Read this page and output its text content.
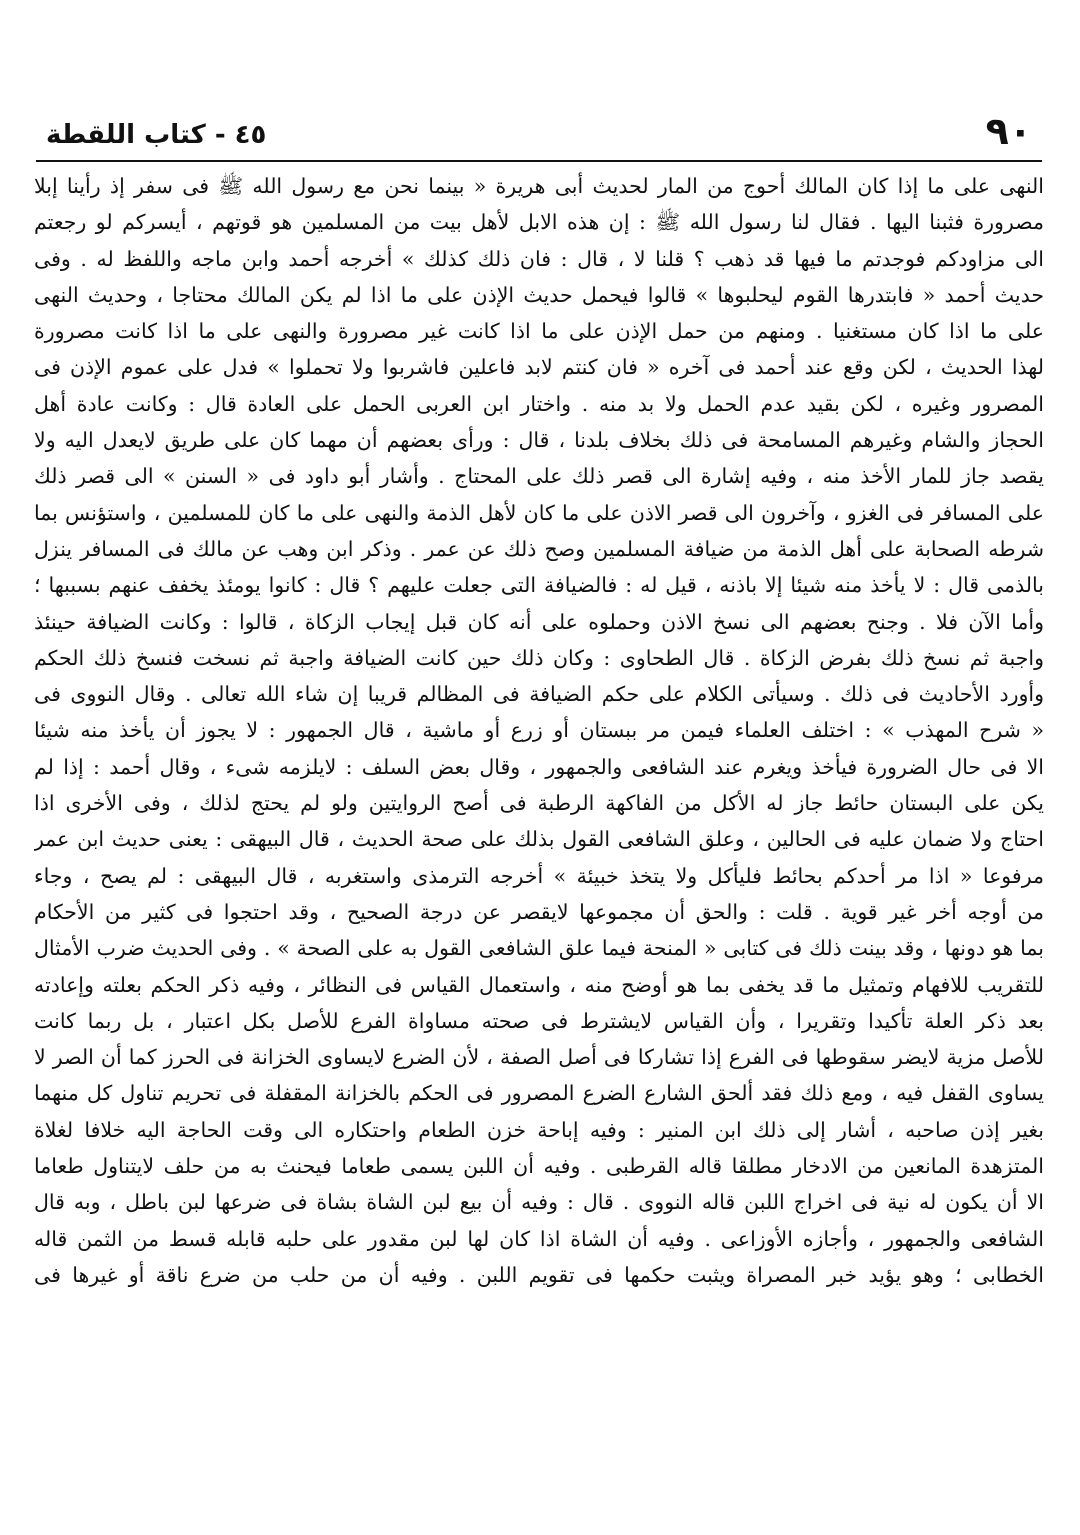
٩٠
٤٥ - كتاب اللقطة
النهى على ما إذا كان المالك أحوج من المار لحديث أبى هريرة « بينما نحن مع رسول الله ﷺ فى سفر إذ رأينا إبلا
مصرورة فثبنا اليها . فقال لنا رسول الله ﷺ : إن هذه الابل لأهل بيت من المسلمين هو قوتهم ، أيسركم لو رجعتم
الى مزاودكم فوجدتم ما فيها قد ذهب ؟ قلنا لا ، قال : فان ذلك كذلك » أخرجه أحمد وابن ماجه واللفظ له . وفى
حديث أحمد « فابتدرها القوم ليحلبوها » قالوا فيحمل حديث الإذن على ما اذا لم يكن المالك محتاجا ، وحديث النهى
على ما اذا كان مستغنيا . ومنهم من حمل الإذن على ما اذا كانت غير مصرورة والنهى على ما اذا كانت مصرورة
لهذا الحديث ، لكن وقع عند أحمد فى آخره « فان كنتم لابد فاعلين فاشربوا ولا تحملوا » فدل على عموم الإذن فى
المصرور وغيره ، لكن بقيد عدم الحمل ولا بد منه . واختار ابن العربى الحمل على العادة قال : وكانت عادة أهل
الحجاز والشام وغيرهم المسامحة فى ذلك بخلاف بلدنا ، قال : ورأى بعضهم أن مهما كان على طريق لايعدل اليه ولا
يقصد جاز للمار الأخذ منه ، وفيه إشارة الى قصر ذلك على المحتاج . وأشار أبو داود فى « السنن » الى قصر ذلك
على المسافر فى الغزو ، وآخرون الى قصر الاذن على ما كان لأهل الذمة والنهى على ما كان للمسلمين ، واستؤنس بما
شرطه الصحابة على أهل الذمة من ضيافة المسلمين وصح ذلك عن عمر . وذكر ابن وهب عن مالك فى المسافر ينزل
بالذمى قال : لا يأخذ منه شيئا إلا باذنه ، قيل له : فالضيافة التى جعلت عليهم ؟ قال : كانوا يومئذ يخفف عنهم بسببها ؛
وأما الآن فلا . وجنح بعضهم الى نسخ الاذن وحملوه على أنه كان قبل إيجاب الزكاة ، قالوا : وكانت الضيافة حينئذ
واجبة ثم نسخ ذلك بفرض الزكاة . قال الطحاوى : وكان ذلك حين كانت الضيافة واجبة ثم نسخت فنسخ ذلك الحكم
وأورد الأحاديث فى ذلك . وسيأتى الكلام على حكم الضيافة فى المظالم قريبا إن شاء الله تعالى . وقال النووى فى
« شرح المهذب » : اختلف العلماء فيمن مر ببستان أو زرع أو ماشية ، قال الجمهور : لا يجوز أن يأخذ منه شيئا
الا فى حال الضرورة فيأخذ ويغرم عند الشافعى والجمهور ، وقال بعض السلف : لايلزمه شىء ، وقال أحمد : إذا لم
يكن على البستان حائط جاز له الأكل من الفاكهة الرطبة فى أصح الروايتين ولو لم يحتج لذلك ، وفى الأخرى اذا
احتاج ولا ضمان عليه فى الحالين ، وعلق الشافعى القول بذلك على صحة الحديث ، قال البيهقى : يعنى حديث ابن عمر
مرفوعا « اذا مر أحدكم بحائط فليأكل ولا يتخذ خبيئة » أخرجه الترمذى واستغربه ، قال البيهقى : لم يصح ، وجاء
من أوجه أخر غير قوية . قلت : والحق أن مجموعها لايقصر عن درجة الصحيح ، وقد احتجوا فى كثير من الأحكام
بما هو دونها ، وقد بينت ذلك فى كتابى « المنحة فيما علق الشافعى القول به على الصحة » . وفى الحديث ضرب الأمثال
للتقريب للافهام وتمثيل ما قد يخفى بما هو أوضح منه ، واستعمال القياس فى النظائر ، وفيه ذكر الحكم بعلته وإعادته
بعد ذكر العلة تأكيدا وتقريرا ، وأن القياس لايشترط فى صحته مساواة الفرع للأصل بكل اعتبار ، بل ربما كانت
للأصل مزية لايضر سقوطها فى الفرع إذا تشاركا فى أصل الصفة ، لأن الضرع لايساوى الخزانة فى الحرز كما أن الصر لا
يساوى القفل فيه ، ومع ذلك فقد ألحق الشارع الضرع المصرور فى الحكم بالخزانة المقفلة فى تحريم تناول كل منهما
بغير إذن صاحبه ، أشار إلى ذلك ابن المنير : وفيه إباحة خزن الطعام واحتكاره الى وقت الحاجة اليه خلافا لغلاة
المتزهدة المانعين من الادخار مطلقا قاله القرطبى . وفيه أن اللبن يسمى طعاما فيحنث به من حلف لايتناول طعاما
الا أن يكون له نية فى اخراج اللبن قاله النووى . قال : وفيه أن بيع لبن الشاة بشاة فى ضرعها لبن باطل ، وبه قال
الشافعى والجمهور ، وأجازه الأوزاعى . وفيه أن الشاة اذا كان لها لبن مقدور على حلبه قابله قسط من الثمن قاله
الخطابى ؛ وهو يؤيد خبر المصراة ويثبت حكمها فى تقويم اللبن . وفيه أن من حلب من ضرع ناقة أو غيرها فى
